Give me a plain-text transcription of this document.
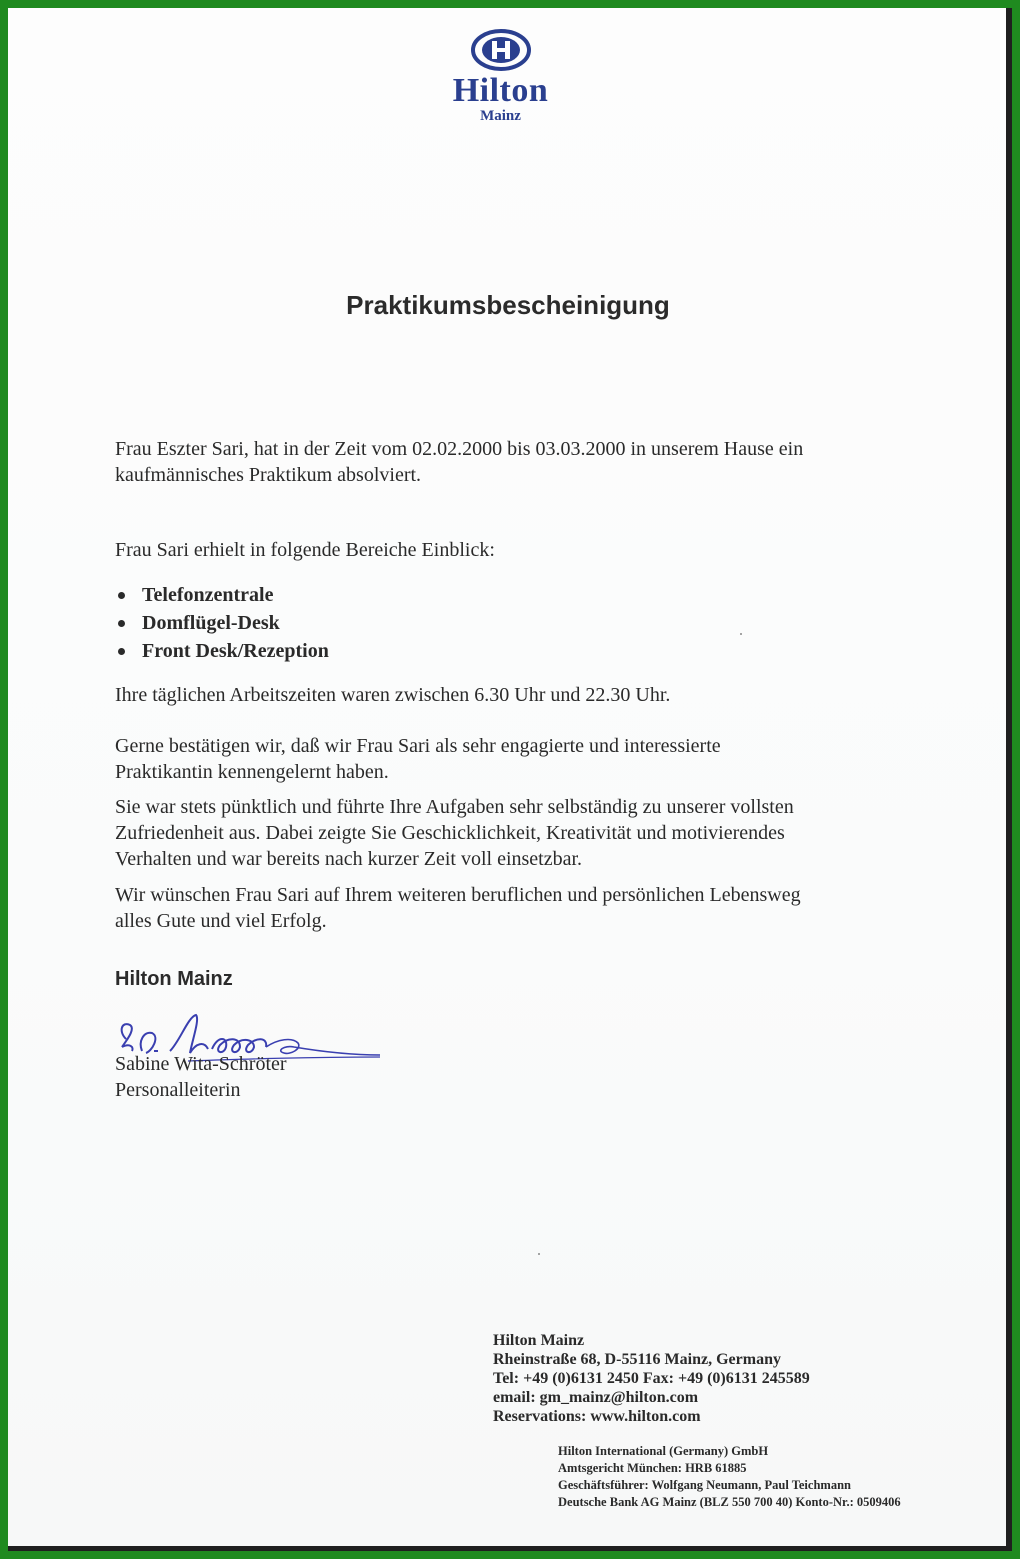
Hilton
Mainz
Praktikumsbescheinigung
Frau Eszter Sari, hat in der Zeit vom 02.02.2000 bis 03.03.2000 in unserem Hause ein
kaufmännisches Praktikum absolviert.
Frau Sari erhielt in folgende Bereiche Einblick:
Telefonzentrale
Domflügel-Desk
Front Desk/Rezeption
Ihre täglichen Arbeitszeiten waren zwischen 6.30 Uhr und 22.30 Uhr.
Gerne bestätigen wir, daß wir Frau Sari als sehr engagierte und interessierte
Praktikantin kennengelernt haben.
Sie war stets pünktlich und führte Ihre Aufgaben sehr selbständig zu unserer vollsten
Zufriedenheit aus. Dabei zeigte Sie Geschicklichkeit, Kreativität und motivierendes
Verhalten und war bereits nach kurzer Zeit voll einsetzbar.
Wir wünschen Frau Sari auf Ihrem weiteren beruflichen und persönlichen Lebensweg
alles Gute und viel Erfolg.
Hilton Mainz
Sabine Wita-Schröter
Personalleiterin
Hilton Mainz
Rheinstraße 68, D-55116 Mainz, Germany
Tel: +49 (0)6131 2450 Fax: +49 (0)6131 245589
email: gm_mainz@hilton.com
Reservations: www.hilton.com
Hilton International (Germany) GmbH
Amtsgericht München: HRB 61885
Geschäftsführer: Wolfgang Neumann, Paul Teichmann
Deutsche Bank AG Mainz (BLZ 550 700 40) Konto-Nr.: 0509406
